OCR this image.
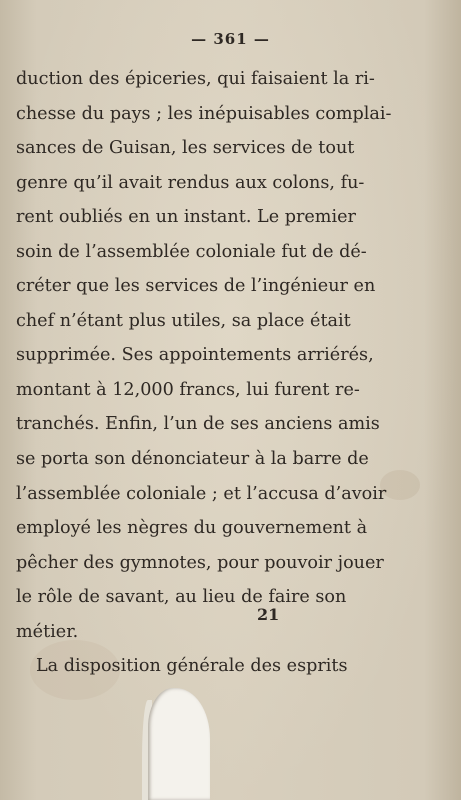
— 361 —
duction des épiceries, qui faisaient la ri-
chesse du pays ; les inépuisables complai-
sances de Guisan, les services de tout
genre qu’il avait rendus aux colons, fu-
rent oubliés en un instant. Le premier
soin de l’assemblée coloniale fut de dé-
créter que les services de l’ingénieur en
chef n’étant plus utiles, sa place était
supprimée. Ses appointements arriérés,
montant à 12,000 francs, lui furent re-
tranchés. Enfin, l’un de ses anciens amis
se porta son dénonciateur à la barre de
l’assemblée coloniale ; et l’accusa d’avoir
employé les nègres du gouvernement à
pêcher des gymnotes, pour pouvoir jouer
le rôle de savant, au lieu de faire son
métier.
La disposition générale des esprits
21
